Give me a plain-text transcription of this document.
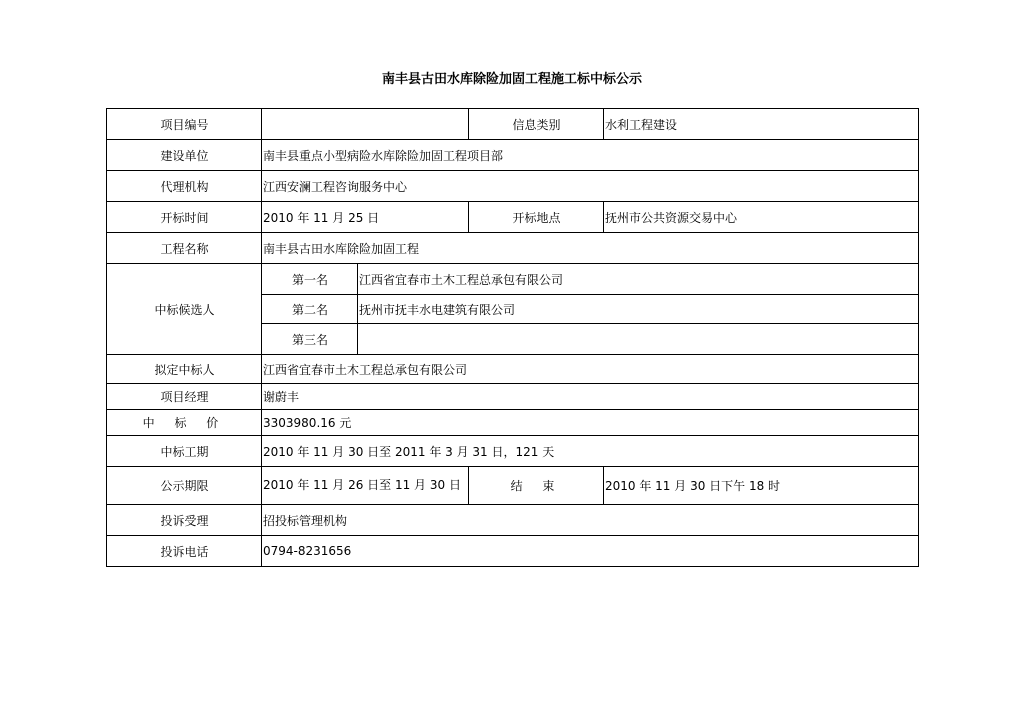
南丰县古田水库除险加固工程施工标中标公示
项目编号			信息类别	水利工程建设
建设单位	南丰县重点小型病险水库除险加固工程项目部			
代理机构	江西安澜工程咨询服务中心			
开标时间	2010 年 11 月 25 日		开标地点	抚州市公共资源交易中心
工程名称	南丰县古田水库除险加固工程			
中标候选人	第一名	江西省宜春市土木工程总承包有限公司		
	第二名	抚州市抚丰水电建筑有限公司		
	第三名			
拟定中标人	江西省宜春市土木工程总承包有限公司			
项目经理	谢蔚丰			
中 标 价	3303980.16 元			
中标工期	2010 年 11 月 30 日至 2011 年 3 月 31 日，121 天			
公示期限	2010 年 11 月 26 日至 11 月 30 日		结 束	2010 年 11 月 30 日下午 18 时
投诉受理	招投标管理机构			
投诉电话	0794-8231656			
